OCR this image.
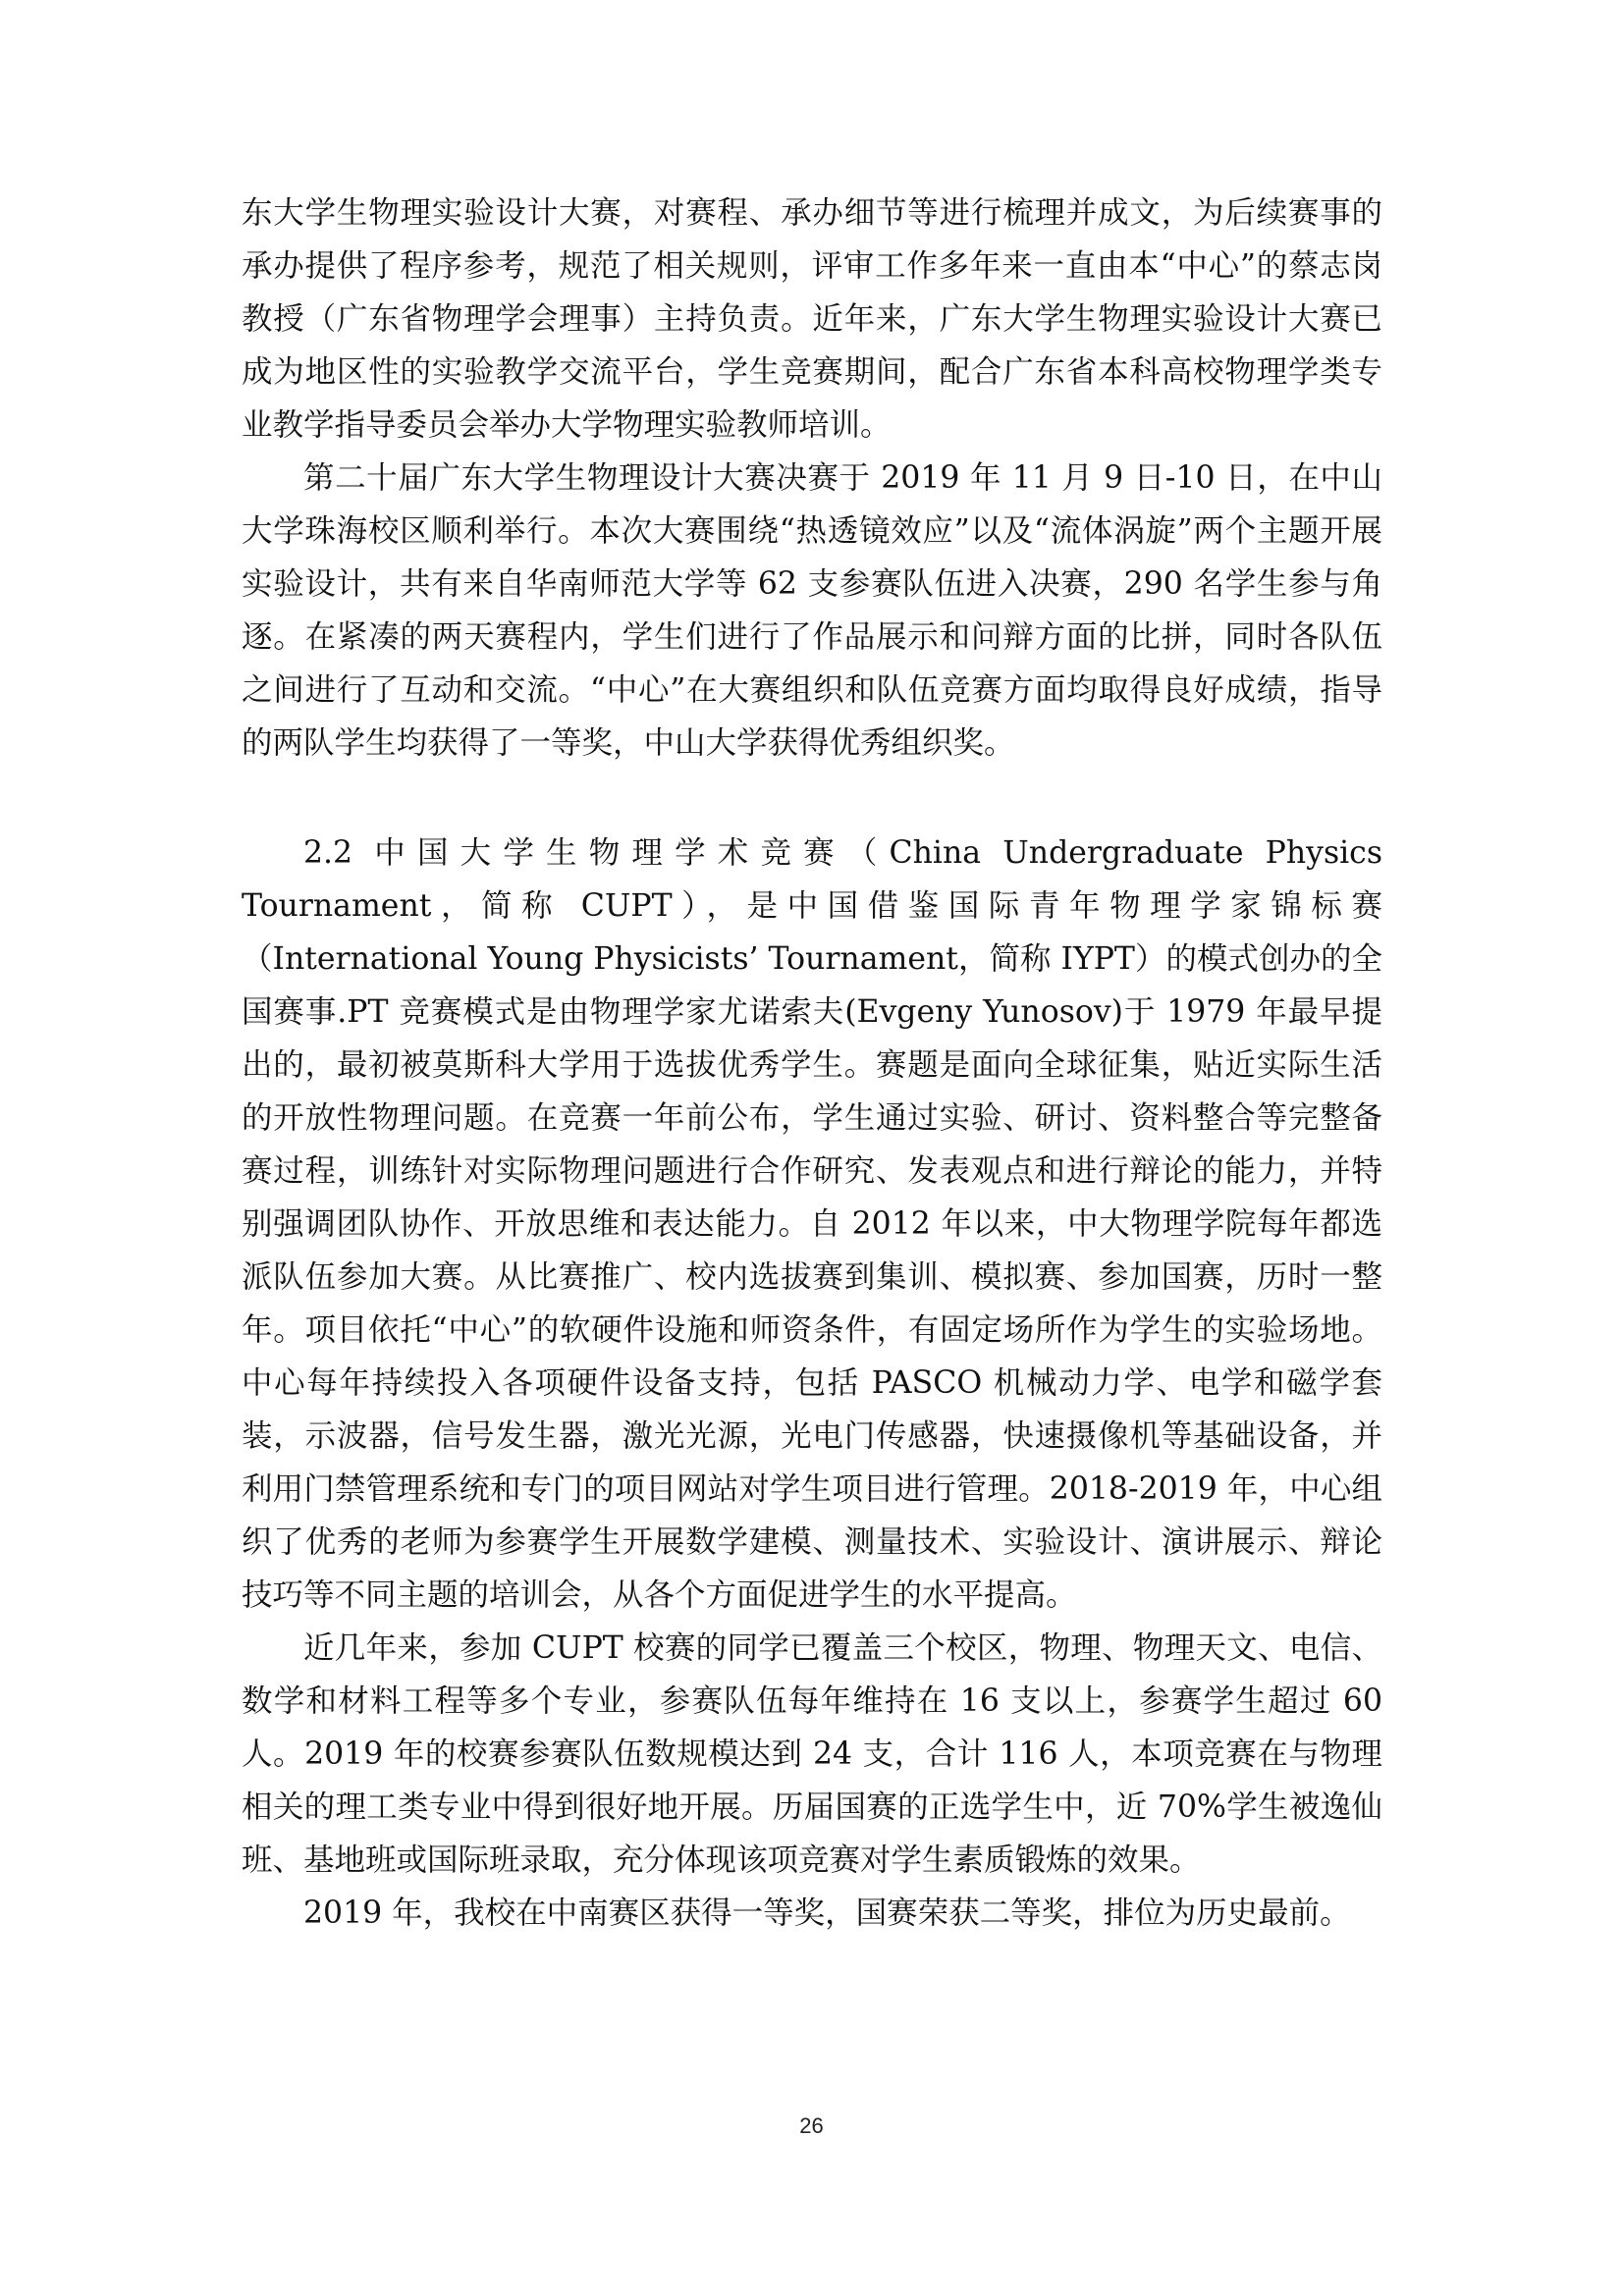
东大学生物理实验设计大赛，对赛程、承办细节等进行梳理并成文，为后续赛事的承办提供了程序参考，规范了相关规则，评审工作多年来一直由本“中心”的蔡志岗教授（广东省物理学会理事）主持负责。近年来，广东大学生物理实验设计大赛已成为地区性的实验教学交流平台，学生竞赛期间，配合广东省本科高校物理学类专业教学指导委员会举办大学物理实验教师培训。

第二十届广东大学生物理设计大赛决赛于 2019 年 11 月 9 日-10 日，在中山大学珠海校区顺利举行。本次大赛围绕“热透镜效应”以及“流体涡旋”两个主题开展实验设计，共有来自华南师范大学等 62 支参赛队伍进入决赛，290 名学生参与角逐。在紧凑的两天赛程内，学生们进行了作品展示和问辩方面的比拼，同时各队伍之间进行了互动和交流。“中心”在大赛组织和队伍竞赛方面均取得良好成绩，指导的两队学生均获得了一等奖，中山大学获得优秀组织奖。

2.2 中国大学生物理学术竞赛（China Undergraduate Physics Tournament，简称 CUPT），是中国借鉴国际青年物理学家锦标赛（International Young Physicists’ Tournament，简称 IYPT）的模式创办的全国赛事.PT 竞赛模式是由物理学家尤诺索夫(Evgeny Yunosov)于 1979 年最早提出的，最初被莫斯科大学用于选拔优秀学生。赛题是面向全球征集，贴近实际生活的开放性物理问题。在竞赛一年前公布，学生通过实验、研讨、资料整合等完整备赛过程，训练针对实际物理问题进行合作研究、发表观点和进行辩论的能力，并特别强调团队协作、开放思维和表达能力。自 2012 年以来，中大物理学院每年都选派队伍参加大赛。从比赛推广、校内选拔赛到集训、模拟赛、参加国赛，历时一整年。项目依托“中心”的软硬件设施和师资条件，有固定场所作为学生的实验场地。中心每年持续投入各项硬件设备支持，包括 PASCO 机械动力学、电学和磁学套装，示波器，信号发生器，激光光源，光电门传感器，快速摄像机等基础设备，并利用门禁管理系统和专门的项目网站对学生项目进行管理。2018-2019 年，中心组织了优秀的老师为参赛学生开展数学建模、测量技术、实验设计、演讲展示、辩论技巧等不同主题的培训会，从各个方面促进学生的水平提高。

近几年来，参加 CUPT 校赛的同学已覆盖三个校区，物理、物理天文、电信、数学和材料工程等多个专业，参赛队伍每年维持在 16 支以上，参赛学生超过 60 人。2019 年的校赛参赛队伍数规模达到 24 支，合计 116 人，本项竞赛在与物理相关的理工类专业中得到很好地开展。历届国赛的正选学生中，近 70%学生被逸仙班、基地班或国际班录取，充分体现该项竞赛对学生素质锻炼的效果。

2019 年，我校在中南赛区获得一等奖，国赛荣获二等奖，排位为历史最前。

26
